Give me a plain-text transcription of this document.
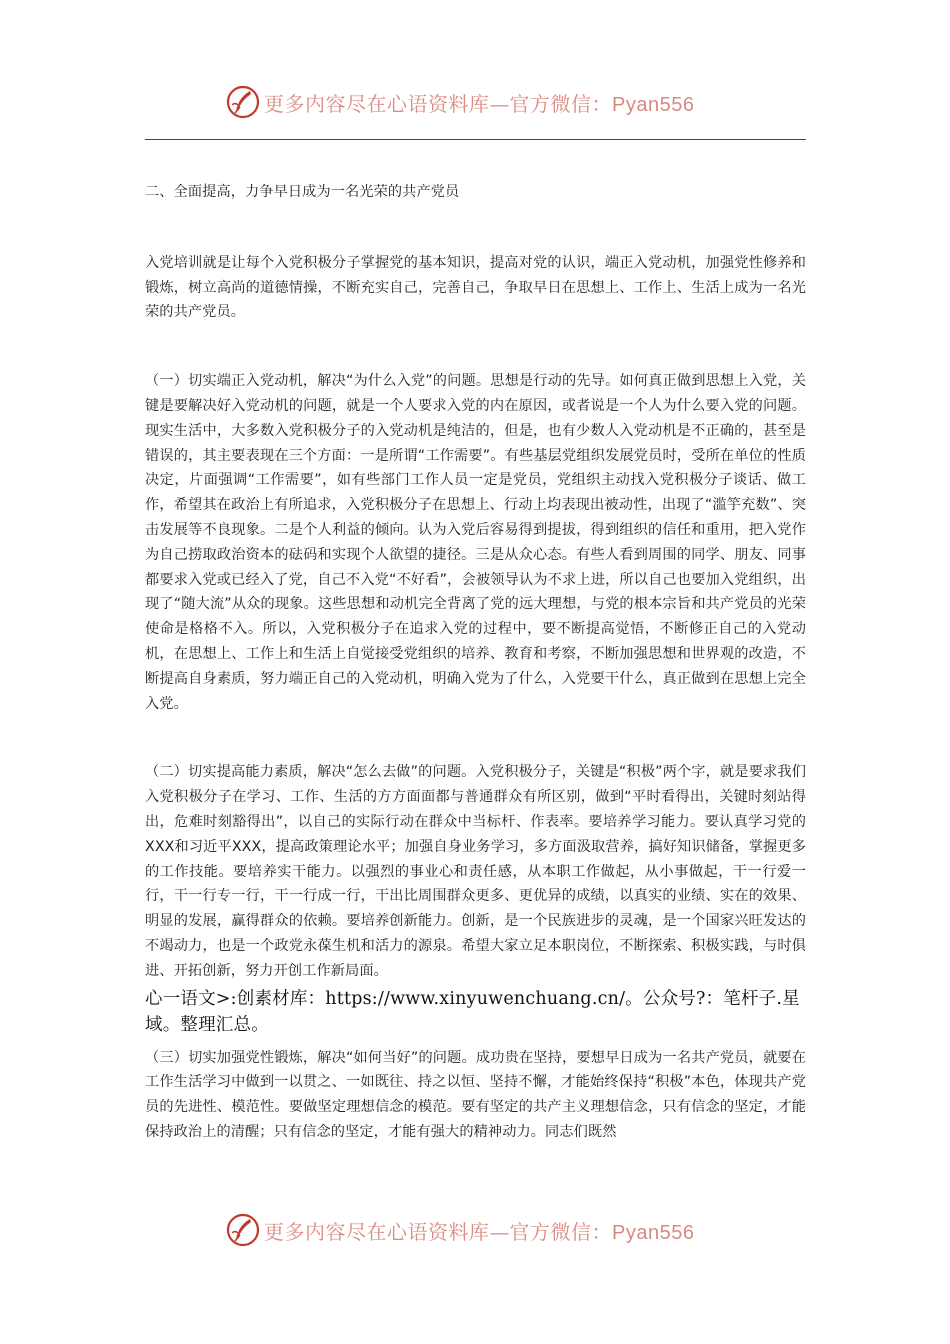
更多内容尽在心语资料库—官方微信：Pyan556

二、全面提高，力争早日成为一名光荣的共产党员

入党培训就是让每个入党积极分子掌握党的基本知识，提高对党的认识，端正入党动机，加强党性修养和锻炼，树立高尚的道德情操，不断充实自己，完善自己，争取早日在思想上、工作上、生活上成为一名光荣的共产党员。

（一）切实端正入党动机，解决“为什么入党”的问题。思想是行动的先导。如何真正做到思想上入党，关键是要解决好入党动机的问题，就是一个人要求入党的内在原因，或者说是一个人为什么要入党的问题。现实生活中，大多数入党积极分子的入党动机是纯洁的，但是，也有少数人入党动机是不正确的，甚至是错误的，其主要表现在三个方面：一是所谓“工作需要”。有些基层党组织发展党员时，受所在单位的性质决定，片面强调“工作需要”，如有些部门工作人员一定是党员，党组织主动找入党积极分子谈话、做工作，希望其在政治上有所追求，入党积极分子在思想上、行动上均表现出被动性，出现了“滥竽充数”、突击发展等不良现象。二是个人利益的倾向。认为入党后容易得到提拔，得到组织的信任和重用，把入党作为自己捞取政治资本的砝码和实现个人欲望的捷径。三是从众心态。有些人看到周围的同学、朋友、同事都要求入党或已经入了党，自己不入党“不好看”，会被领导认为不求上进，所以自己也要加入党组织，出现了“随大流”从众的现象。这些思想和动机完全背离了党的远大理想，与党的根本宗旨和共产党员的光荣使命是格格不入。所以，入党积极分子在追求入党的过程中，要不断提高觉悟，不断修正自己的入党动机，在思想上、工作上和生活上自觉接受党组织的培养、教育和考察，不断加强思想和世界观的改造，不断提高自身素质，努力端正自己的入党动机，明确入党为了什么，入党要干什么，真正做到在思想上完全入党。

（二）切实提高能力素质，解决“怎么去做”的问题。入党积极分子，关键是“积极”两个字，就是要求我们入党积极分子在学习、工作、生活的方方面面都与普通群众有所区别，做到“平时看得出，关键时刻站得出，危难时刻豁得出”，以自己的实际行动在群众中当标杆、作表率。要培养学习能力。要认真学习党的XXX和习近平XXX，提高政策理论水平；加强自身业务学习，多方面汲取营养，搞好知识储备，掌握更多的工作技能。要培养实干能力。以强烈的事业心和责任感，从本职工作做起，从小事做起，干一行爱一行，干一行专一行，干一行成一行，干出比周围群众更多、更优异的成绩，以真实的业绩、实在的效果、明显的发展，赢得群众的依赖。要培养创新能力。创新，是一个民族进步的灵魂，是一个国家兴旺发达的不竭动力，也是一个政党永葆生机和活力的源泉。希望大家立足本职岗位，不断探索、积极实践，与时俱进、开拓创新，努力开创工作新局面。

心一语文>:创素材库：https://www.xinyuwenchuang.cn/。公众号?：笔杆子.星域。整理汇总。

（三）切实加强党性锻炼，解决“如何当好”的问题。成功贵在坚持，要想早日成为一名共产党员，就要在工作生活学习中做到一以贯之、一如既往、持之以恒、坚持不懈，才能始终保持“积极”本色，体现共产党员的先进性、模范性。要做坚定理想信念的模范。要有坚定的共产主义理想信念，只有信念的坚定，才能保持政治上的清醒；只有信念的坚定，才能有强大的精神动力。同志们既然

更多内容尽在心语资料库—官方微信：Pyan556
